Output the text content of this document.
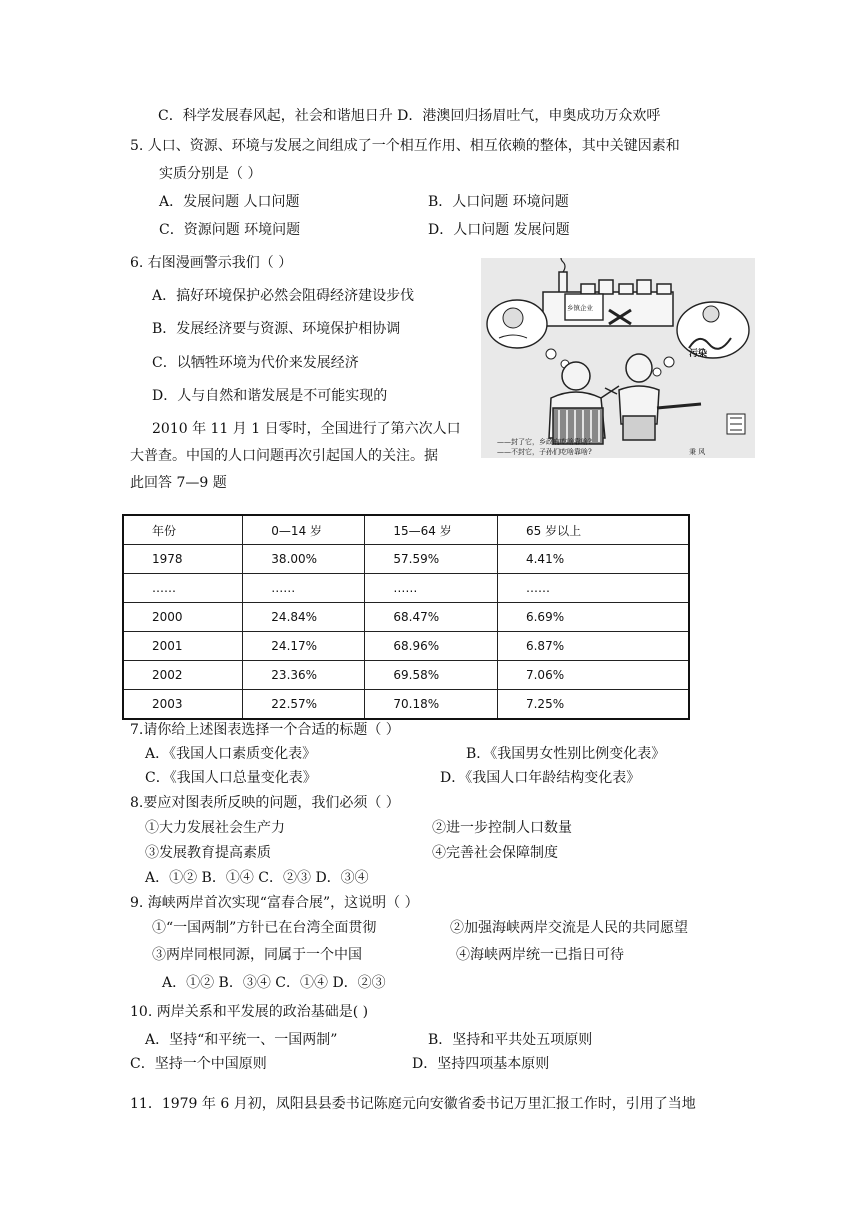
C．科学发展春风起，社会和谐旭日升 D．港澳回归扬眉吐气，申奥成功万众欢呼
5. 人口、资源、环境与发展之间组成了一个相互作用、相互依赖的整体，其中关键因素和
实质分别是（ ）
A．发展问题 人口问题	B．人口问题 环境问题
C．资源问题 环境问题	D．人口问题 发展问题
6. 右图漫画警示我们（ ）
A．搞好环境保护必然会阻碍经济建设步伐
B．发展经济要与资源、环境保护相协调
C．以牺牲环境为代价来发展经济
D．人与自然和谐发展是不可能实现的
2010 年 11 月 1 日零时，全国进行了第六次人口
大普查。中国的人口问题再次引起国人的关注。据
此回答 7—9 题
乡镇企业
污染
——封了它，乡政府吃啥靠啥?
——不封它，子孙们吃啥靠啥?	秉 风
年份	0—14 岁	15—64 岁	65 岁以上
1978	38.00%	57.59%	4.41%
……	……	……	……
2000	24.84%	68.47%	6.69%
2001	24.17%	68.96%	6.87%
2002	23.36%	69.58%	7.06%
2003	22.57%	70.18%	7.25%
7.请你给上述图表选择一个合适的标题（ ）
A．《我国人口素质变化表》	B．《我国男女性别比例变化表》
C．《我国人口总量变化表》	D．《我国人口年龄结构变化表》
8.要应对图表所反映的问题，我们必须（ ）
①大力发展社会生产力	②进一步控制人口数量
③发展教育提高素质	④完善社会保障制度
A．①② B．①④ C．②③ D．③④
9. 海峡两岸首次实现“富春合展”，这说明（ ）
①“一国两制”方针已在台湾全面贯彻	②加强海峡两岸交流是人民的共同愿望
③两岸同根同源，同属于一个中国	④海峡两岸统一已指日可待
A．①② B．③④ C．①④ D．②③
10. 两岸关系和平发展的政治基础是( )
A．坚持“和平统一、一国两制”	B．坚持和平共处五项原则
C．坚持一个中国原则	D．坚持四项基本原则
11．1979 年 6 月初，凤阳县县委书记陈庭元向安徽省委书记万里汇报工作时，引用了当地
